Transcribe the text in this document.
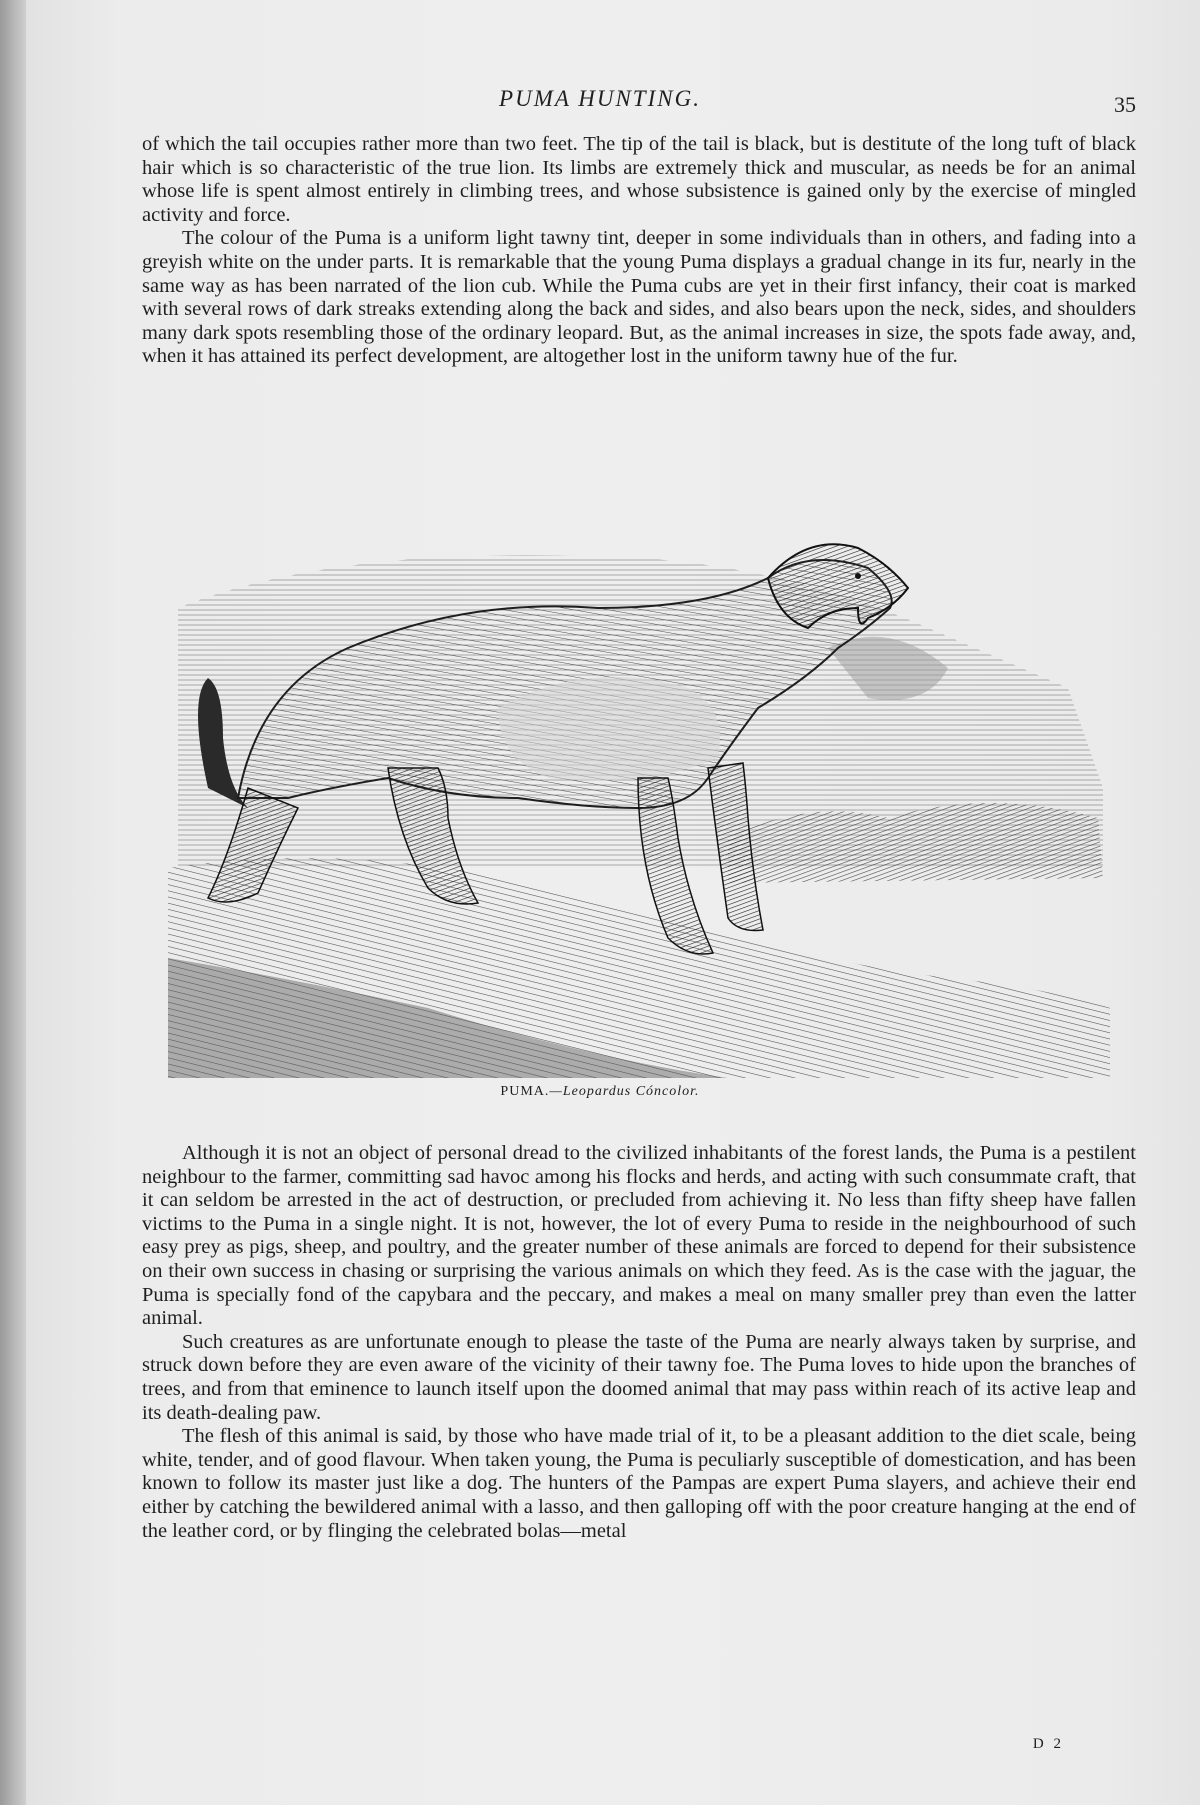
PUMA HUNTING.	35

of which the tail occupies rather more than two feet. The tip of the tail is black, but is destitute of the long tuft of black hair which is so characteristic of the true lion. Its limbs are extremely thick and muscular, as needs be for an animal whose life is spent almost entirely in climbing trees, and whose subsistence is gained only by the exercise of mingled activity and force.

The colour of the Puma is a uniform light tawny tint, deeper in some individuals than in others, and fading into a greyish white on the under parts. It is remarkable that the young Puma displays a gradual change in its fur, nearly in the same way as has been narrated of the lion cub. While the Puma cubs are yet in their first infancy, their coat is marked with several rows of dark streaks extending along the back and sides, and also bears upon the neck, sides, and shoulders many dark spots resembling those of the ordinary leopard. But, as the animal increases in size, the spots fade away, and, when it has attained its perfect development, are altogether lost in the uniform tawny hue of the fur.

PUMA.—Leopardus Cóncolor.

Although it is not an object of personal dread to the civilized inhabitants of the forest lands, the Puma is a pestilent neighbour to the farmer, committing sad havoc among his flocks and herds, and acting with such consummate craft, that it can seldom be arrested in the act of destruction, or precluded from achieving it. No less than fifty sheep have fallen victims to the Puma in a single night. It is not, however, the lot of every Puma to reside in the neighbourhood of such easy prey as pigs, sheep, and poultry, and the greater number of these animals are forced to depend for their subsistence on their own success in chasing or surprising the various animals on which they feed. As is the case with the jaguar, the Puma is specially fond of the capybara and the peccary, and makes a meal on many smaller prey than even the latter animal.

Such creatures as are unfortunate enough to please the taste of the Puma are nearly always taken by surprise, and struck down before they are even aware of the vicinity of their tawny foe. The Puma loves to hide upon the branches of trees, and from that eminence to launch itself upon the doomed animal that may pass within reach of its active leap and its death-dealing paw.

The flesh of this animal is said, by those who have made trial of it, to be a pleasant addition to the diet scale, being white, tender, and of good flavour. When taken young, the Puma is peculiarly susceptible of domestication, and has been known to follow its master just like a dog. The hunters of the Pampas are expert Puma slayers, and achieve their end either by catching the bewildered animal with a lasso, and then galloping off with the poor creature hanging at the end of the leather cord, or by flinging the celebrated bolas—metal

D 2
